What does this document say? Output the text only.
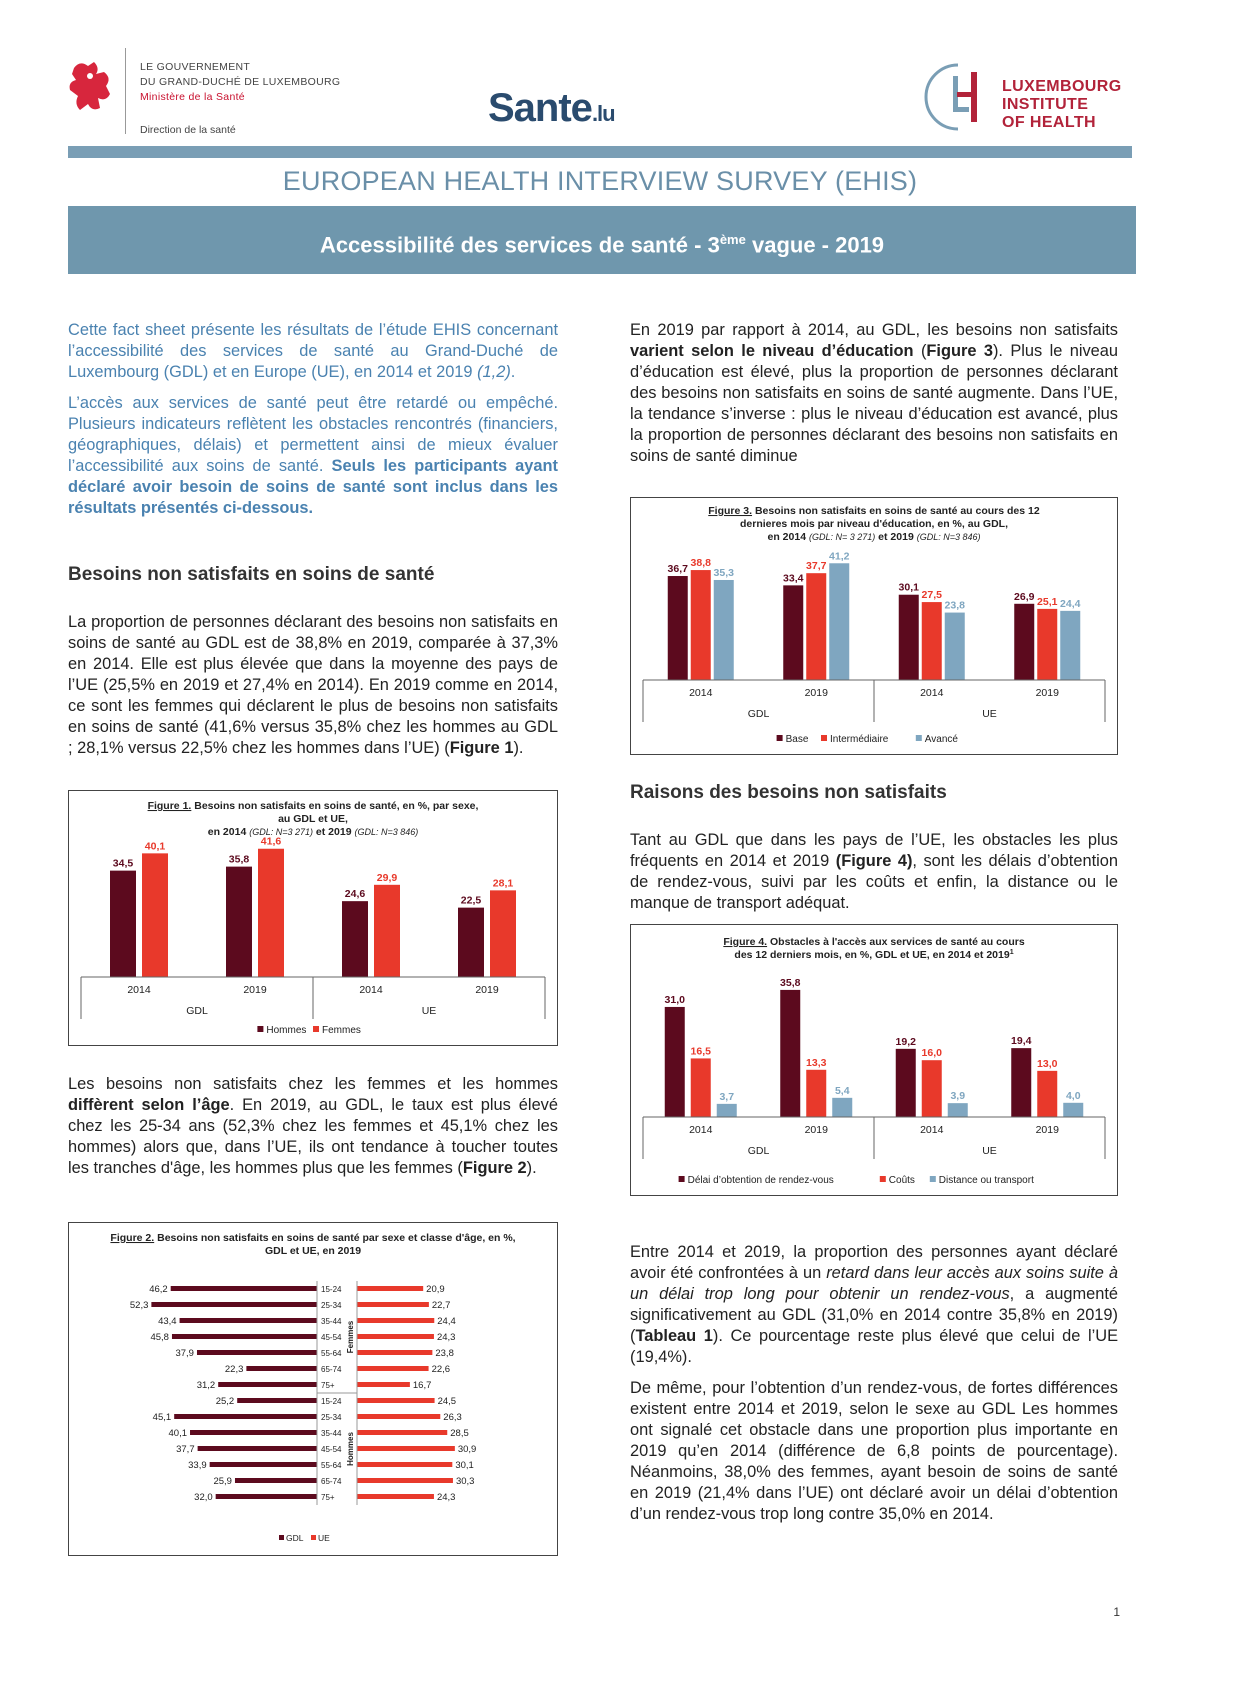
LE GOUVERNEMENT
DU GRAND-DUCHÉ DE LUXEMBOURG
Ministère de la Santé
Direction de la santé	Sante.lu
LUXEMBOURG
INSTITUTE
OF HEALTH
EUROPEAN HEALTH INTERVIEW SURVEY (EHIS)
Accessibilité des services de santé - 3ème vague - 2019

Cette fact sheet présente les résultats de l’étude EHIS concernant l’accessibilité des services de santé au Grand-Duché de Luxembourg (GDL) et en Europe (UE), en 2014 et 2019 (1,2).

L’accès aux services de santé peut être retardé ou empêché. Plusieurs indicateurs reflètent les obstacles rencontrés (financiers, géographiques, délais) et permettent ainsi de mieux évaluer l’accessibilité aux soins de santé. Seuls les participants ayant déclaré avoir besoin de soins de santé sont inclus dans les résultats présentés ci-dessous.

Besoins non satisfaits en soins de santé

La proportion de personnes déclarant des besoins non satisfaits en soins de santé au GDL est de 38,8% en 2019, comparée à 37,3% en 2014. Elle est plus élevée que dans la moyenne des pays de l’UE (25,5% en 2019 et 27,4% en 2014). En 2019 comme en 2014, ce sont les femmes qui déclarent le plus de besoins non satisfaits en soins de santé (41,6% versus 35,8% chez les hommes au GDL ; 28,1% versus 22,5% chez les hommes dans l’UE) (Figure 1).

Figure 1. Besoins non satisfaits en soins de santé, en %, par sexe,
au GDL et UE,
en 2014 (GDL: N=3 271) et 2019 (GDL: N=3 846)
34,5
40,1
2014
35,8
41,6
2019
24,6
29,9
2014
22,5
28,1
2019
GDL	UE
Hommes Femmes

Les besoins non satisfaits chez les femmes et les hommes diffèrent selon l’âge. En 2019, au GDL, le taux est plus élevé chez les 25-34 ans (52,3% chez les femmes et 45,1% chez les hommes) alors que, dans l’UE, ils ont tendance à toucher toutes les tranches d'âge, les hommes plus que les femmes (Figure 2).

Figure 2. Besoins non satisfaits en soins de santé par sexe et classe d'âge, en %,
GDL et UE, en 2019
46,2	20,9
15-24
52,3	22,7
25-34
43,4	24,4
35-44
45,8	24,3
45-54
37,9	23,8
55-64
22,3	22,6
65-74
31,2	16,7
75+
25,2	24,5
15-24
45,1	26,3
25-34
40,1	28,5
35-44
37,7	30,9
45-54
33,9	30,1
55-64
25,9	30,3
65-74
32,0	24,3
75+
Femmes
Hommes
GDL UE

En 2019 par rapport à 2014, au GDL, les besoins non satisfaits varient selon le niveau d’éducation (Figure 3). Plus le niveau d’éducation est élevé, plus la proportion de personnes déclarant des besoins non satisfaits en soins de santé augmente. Dans l’UE, la tendance s’inverse : plus le niveau d’éducation est avancé, plus la proportion de personnes déclarant des besoins non satisfaits en soins de santé diminue

Figure 3. Besoins non satisfaits en soins de santé au cours des 12
dernieres mois par niveau d'éducation, en %, au GDL,
en 2014 (GDL: N= 3 271) et 2019 (GDL: N=3 846)
36,7 38,8
35,3
2014
33,4
37,7
41,2
2019
30,1
27,5
23,8
2014
26,9 25,1 24,4
2019
GDL	UE
Base Intermédiaire	Avancé
Raisons des besoins non satisfaits

Tant au GDL que dans les pays de l’UE, les obstacles les plus fréquents en 2014 et 2019 (Figure 4), sont les délais d’obtention de rendez-vous, suivi par les coûts et enfin, la distance ou le manque de transport adéquat.

Figure 4. Obstacles à l'accès aux services de santé au cours
des 12 derniers mois, en %, GDL et UE, en 2014 et 2019$^1$
31,0
16,5
3,7
2014
35,8
13,3
5,4
2019
19,2
16,0
3,9
2014
19,4
13,0
4,0
2019
GDL	UE
Délai d’obtention de rendez-vous	Coûts Distance ou transport

Entre 2014 et 2019, la proportion des personnes ayant déclaré avoir été confrontées à un retard dans leur accès aux soins suite à un délai trop long pour obtenir un rendez-vous, a augmenté significativement au GDL (31,0% en 2014 contre 35,8% en 2019) (Tableau 1). Ce pourcentage reste plus élevé que celui de l’UE (19,4%).

De même, pour l’obtention d’un rendez-vous, de fortes différences existent entre 2014 et 2019, selon le sexe au GDL Les hommes ont signalé cet obstacle dans une proportion plus importante en 2019 qu’en 2014 (différence de 6,8 points de pourcentage). Néanmoins, 38,0% des femmes, ayant besoin de soins de santé en 2019 (21,4% dans l’UE) ont déclaré avoir un délai d’obtention d’un rendez-vous trop long contre 35,0% en 2014.

1
